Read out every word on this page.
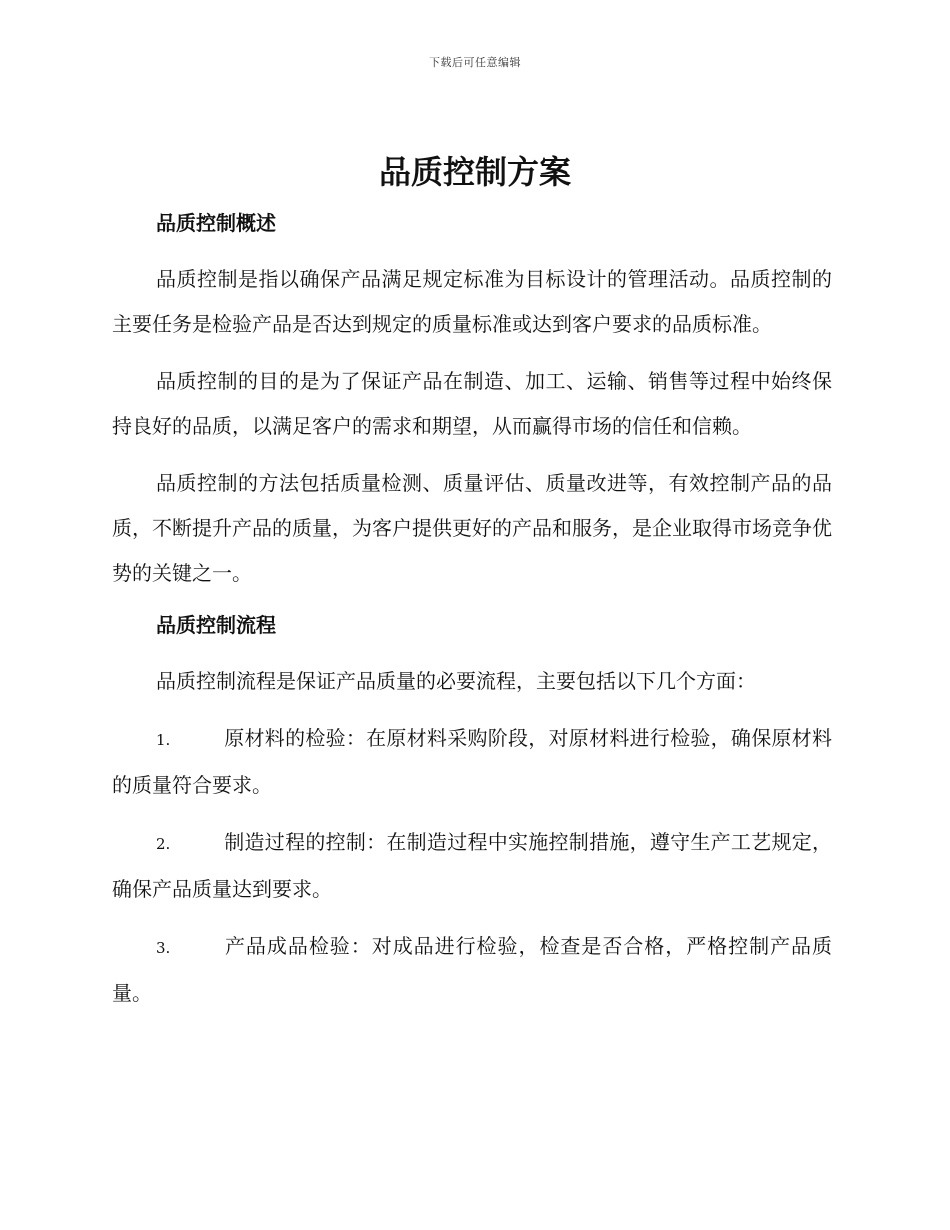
下载后可任意编辑
品质控制方案
品质控制概述

品质控制是指以确保产品满足规定标准为目标设计的管理活动。品质控制的主要任务是检验产品是否达到规定的质量标准或达到客户要求的品质标准。

品质控制的目的是为了保证产品在制造、加工、运输、销售等过程中始终保持良好的品质，以满足客户的需求和期望，从而赢得市场的信任和信赖。

品质控制的方法包括质量检测、质量评估、质量改进等，有效控制产品的品质，不断提升产品的质量，为客户提供更好的产品和服务，是企业取得市场竞争优势的关键之一。

品质控制流程

品质控制流程是保证产品质量的必要流程，主要包括以下几个方面：

1.	原材料的检验：在原材料采购阶段，对原材料进行检验，确保原材料的质量符合要求。

2.	制造过程的控制：在制造过程中实施控制措施，遵守生产工艺规定，确保产品质量达到要求。

3.	产品成品检验：对成品进行检验，检查是否合格，严格控制产品质量。
